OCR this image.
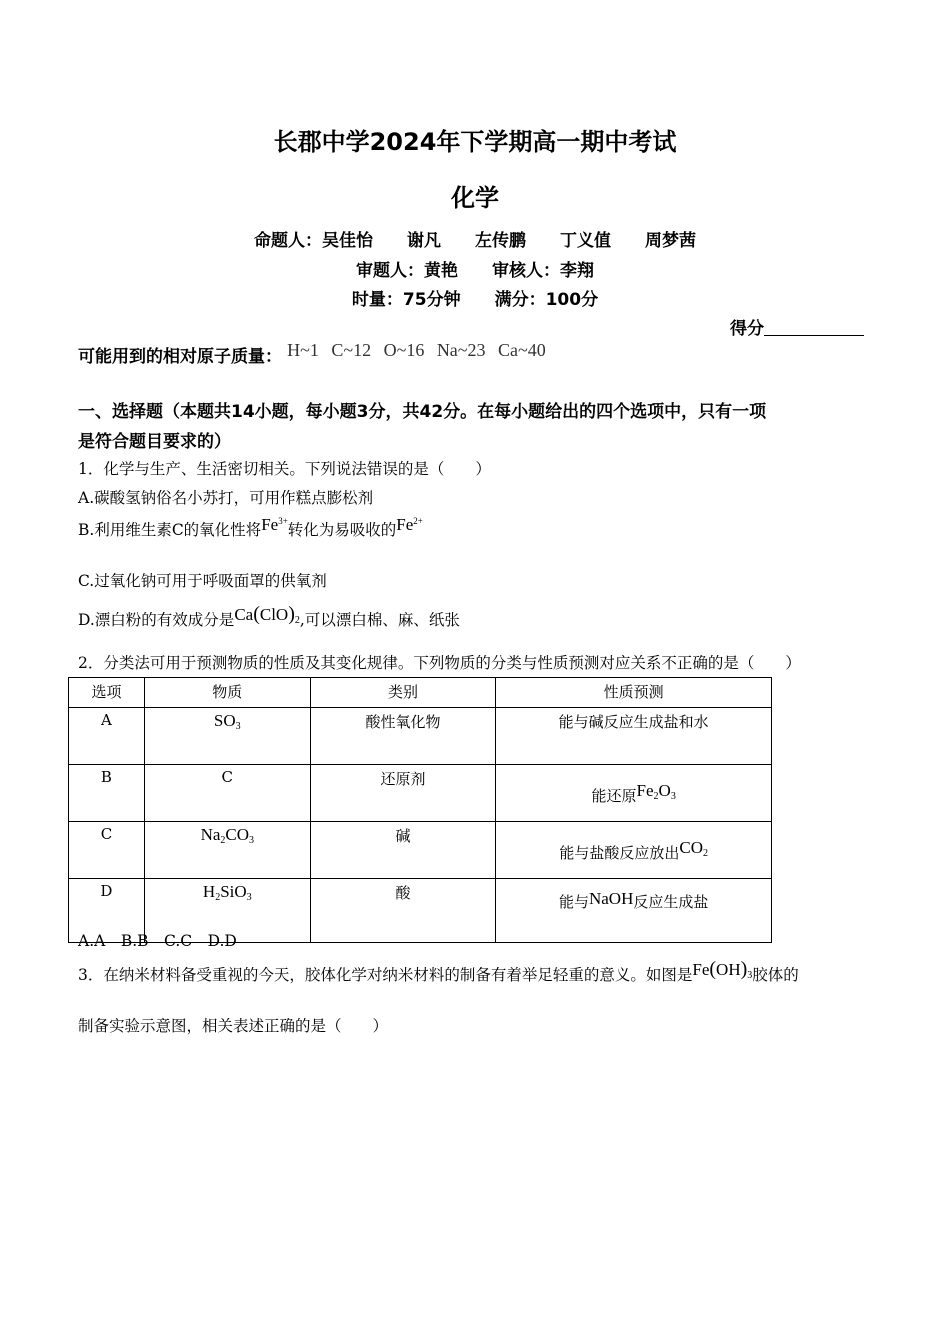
长郡中学2024年下学期高一期中考试
化学
命题人：吴佳怡　　谢凡　　左传鹏　　丁义值　　周梦茜
审题人：黄艳　　审核人：李翔
时量：75分钟　　满分：100分
得分
可能用到的相对原子质量： H~1 C~12 O~16 Na~23 Ca~40
一、选择题（本题共14小题，每小题3分，共42分。在每小题给出的四个选项中，只有一项
是符合题目要求的）
1．化学与生产、生活密切相关。下列说法错误的是（　　）
A.碳酸氢钠俗名小苏打，可用作糕点膨松剂
B.利用维生素C的氧化性将$Fe^{3+}$转化为易吸收的$Fe^{2+}$
C.过氧化钠可用于呼吸面罩的供氧剂
D.漂白粉的有效成分是$Ca(ClO)_2$,可以漂白棉、麻、纸张
2．分类法可用于预测物质的性质及其变化规律。下列物质的分类与性质预测对应关系不正确的是（　　）
选项	物质	类别	性质预测
A	$SO_3$	酸性氧化物	能与碱反应生成盐和水
B	C	还原剂	能还原$Fe_2O_3$
C	$Na_2CO_3$	碱	能与盐酸反应放出$CO_2$
D	$H_2SiO_3$	酸	能与NaOH反应生成盐
A.A　B.B　C.C　D.D
3．在纳米材料备受重视的今天，胶体化学对纳米材料的制备有着举足轻重的意义。如图是$Fe(OH)_3$胶体的
制备实验示意图，相关表述正确的是（　　）
